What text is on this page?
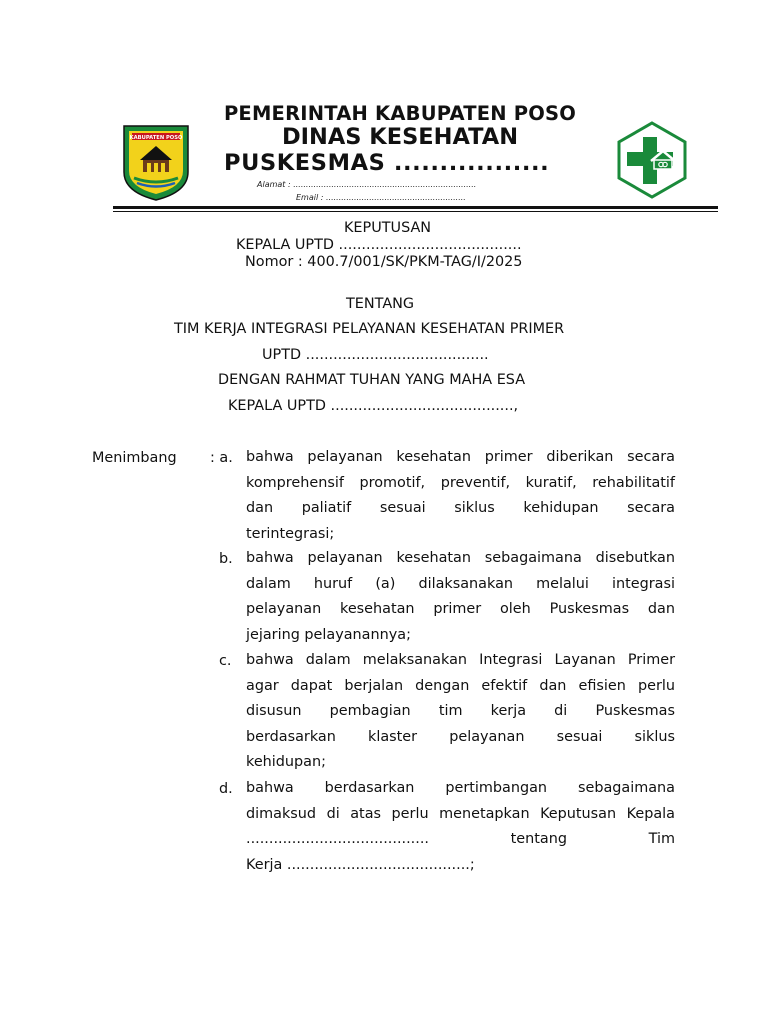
KABUPATEN POSO
PEMERINTAH KABUPATEN POSO
DINAS KESEHATAN
PUSKESMAS .................
Alamat : ........................................................................
Email : .......................................................
KEPUTUSAN
KEPALA UPTD ........................................
Nomor : 400.7/001/SK/PKM-TAG/I/2025
TENTANG
TIM KERJA INTEGRASI PELAYANAN KESEHATAN PRIMER
UPTD ........................................
DENGAN RAHMAT TUHAN YANG MAHA ESA
KEPALA UPTD ........................................,
Menimbang : a. bahwa pelayanan kesehatan primer diberikan secara
komprehensif promotif, preventif, kuratif, rehabilitatif
dan paliatif sesuai siklus kehidupan secara
terintegrasi;
b. bahwa pelayanan kesehatan sebagaimana disebutkan
dalam huruf (a) dilaksanakan melalui integrasi
pelayanan kesehatan primer oleh Puskesmas dan
jejaring pelayanannya;
c. bahwa dalam melaksanakan Integrasi Layanan Primer
agar dapat berjalan dengan efektif dan efisien perlu
disusun pembagian tim kerja di Puskesmas
berdasarkan klaster pelayanan sesuai siklus
kehidupan;
d. bahwa berdasarkan pertimbangan sebagaimana
dimaksud di atas perlu menetapkan Keputusan Kepala
........................................ tentang Tim
Kerja ........................................;
